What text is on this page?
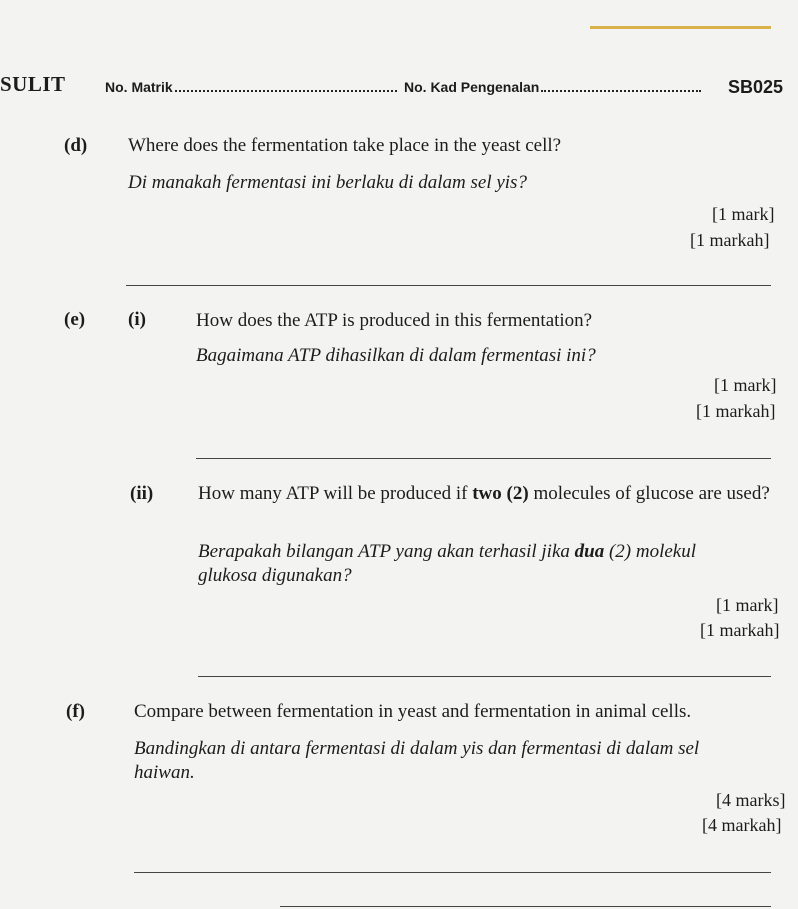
SULIT	No. Matrik	No. Kad Pengenalan	SB025
(d) Where does the fermentation take place in the yeast cell?
Di manakah fermentasi ini berlaku di dalam sel yis?
[1 mark]
[1 markah]
(e) (i)	How does the ATP is produced in this fermentation?
Bagaimana ATP dihasilkan di dalam fermentasi ini?
[1 mark]
[1 markah]
(ii) How many ATP will be produced if two (2) molecules of glucose are used?
Berapakah bilangan ATP yang akan terhasil jika dua (2) molekul glukosa digunakan?
[1 mark]
[1 markah]
(f)	Compare between fermentation in yeast and fermentation in animal cells.
Bandingkan di antara fermentasi di dalam yis dan fermentasi di dalam sel haiwan.
[4 marks]
[4 markah]
